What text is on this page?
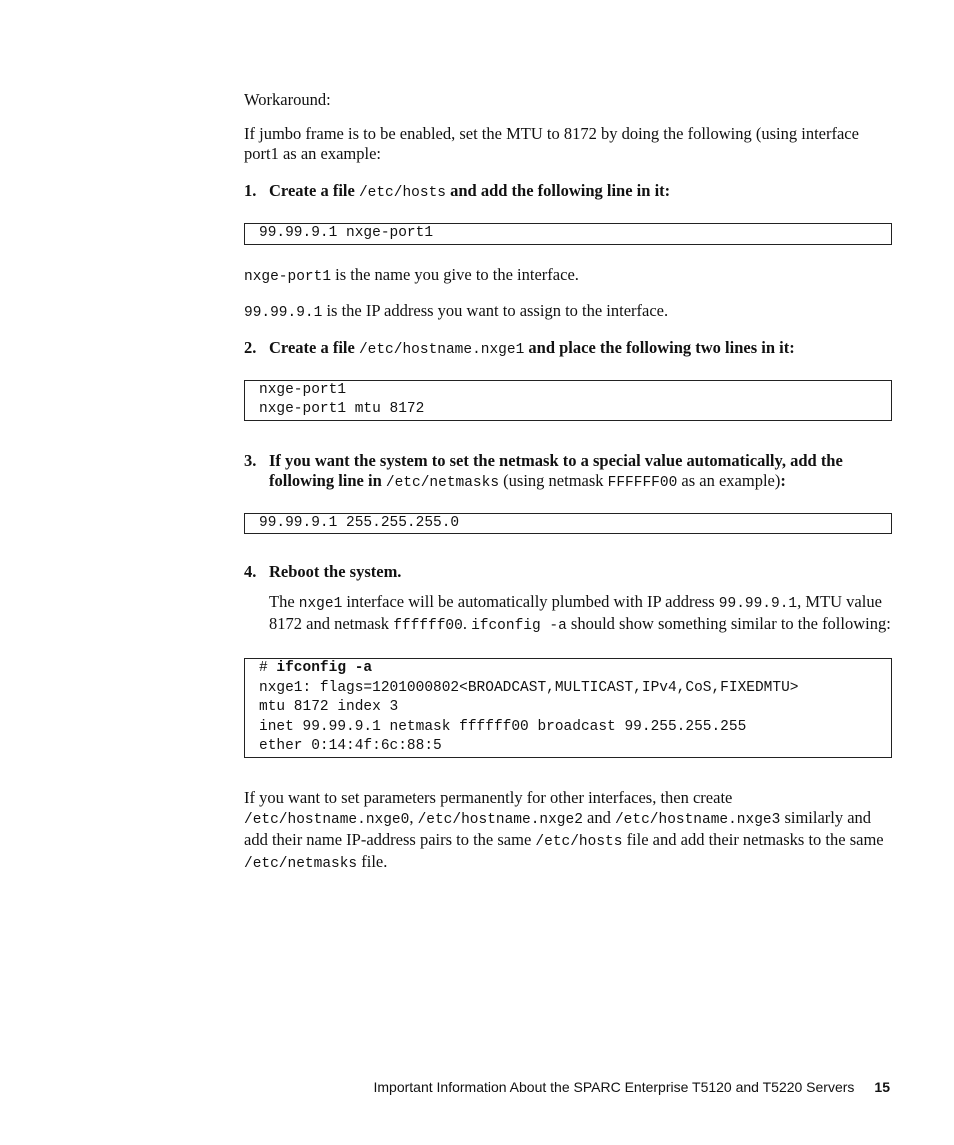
Workaround:

If jumbo frame is to be enabled, set the MTU to 8172 by doing the following (using interface port1 as an example:

1. Create a file /etc/hosts and add the following line in it:

99.99.9.1 nxge-port1

nxge-port1 is the name you give to the interface.

99.99.9.1 is the IP address you want to assign to the interface.

2. Create a file /etc/hostname.nxge1 and place the following two lines in it:

nxge-port1
nxge-port1 mtu 8172

3. If you want the system to set the netmask to a special value automatically, add the following line in /etc/netmasks (using netmask FFFFFF00 as an example):

99.99.9.1 255.255.255.0

4. Reboot the system.

The nxge1 interface will be automatically plumbed with IP address 99.99.9.1, MTU value 8172 and netmask ffffff00. ifconfig -a should show something similar to the following:

# ifconfig -a
nxge1: flags=1201000802<BROADCAST,MULTICAST,IPv4,CoS,FIXEDMTU>
mtu 8172 index 3
inet 99.99.9.1 netmask ffffff00 broadcast 99.255.255.255
ether 0:14:4f:6c:88:5

If you want to set parameters permanently for other interfaces, then create /etc/hostname.nxge0, /etc/hostname.nxge2 and /etc/hostname.nxge3 similarly and add their name IP-address pairs to the same /etc/hosts file and add their netmasks to the same /etc/netmasks file.

Important Information About the SPARC Enterprise T5120 and T5220 Servers 15
